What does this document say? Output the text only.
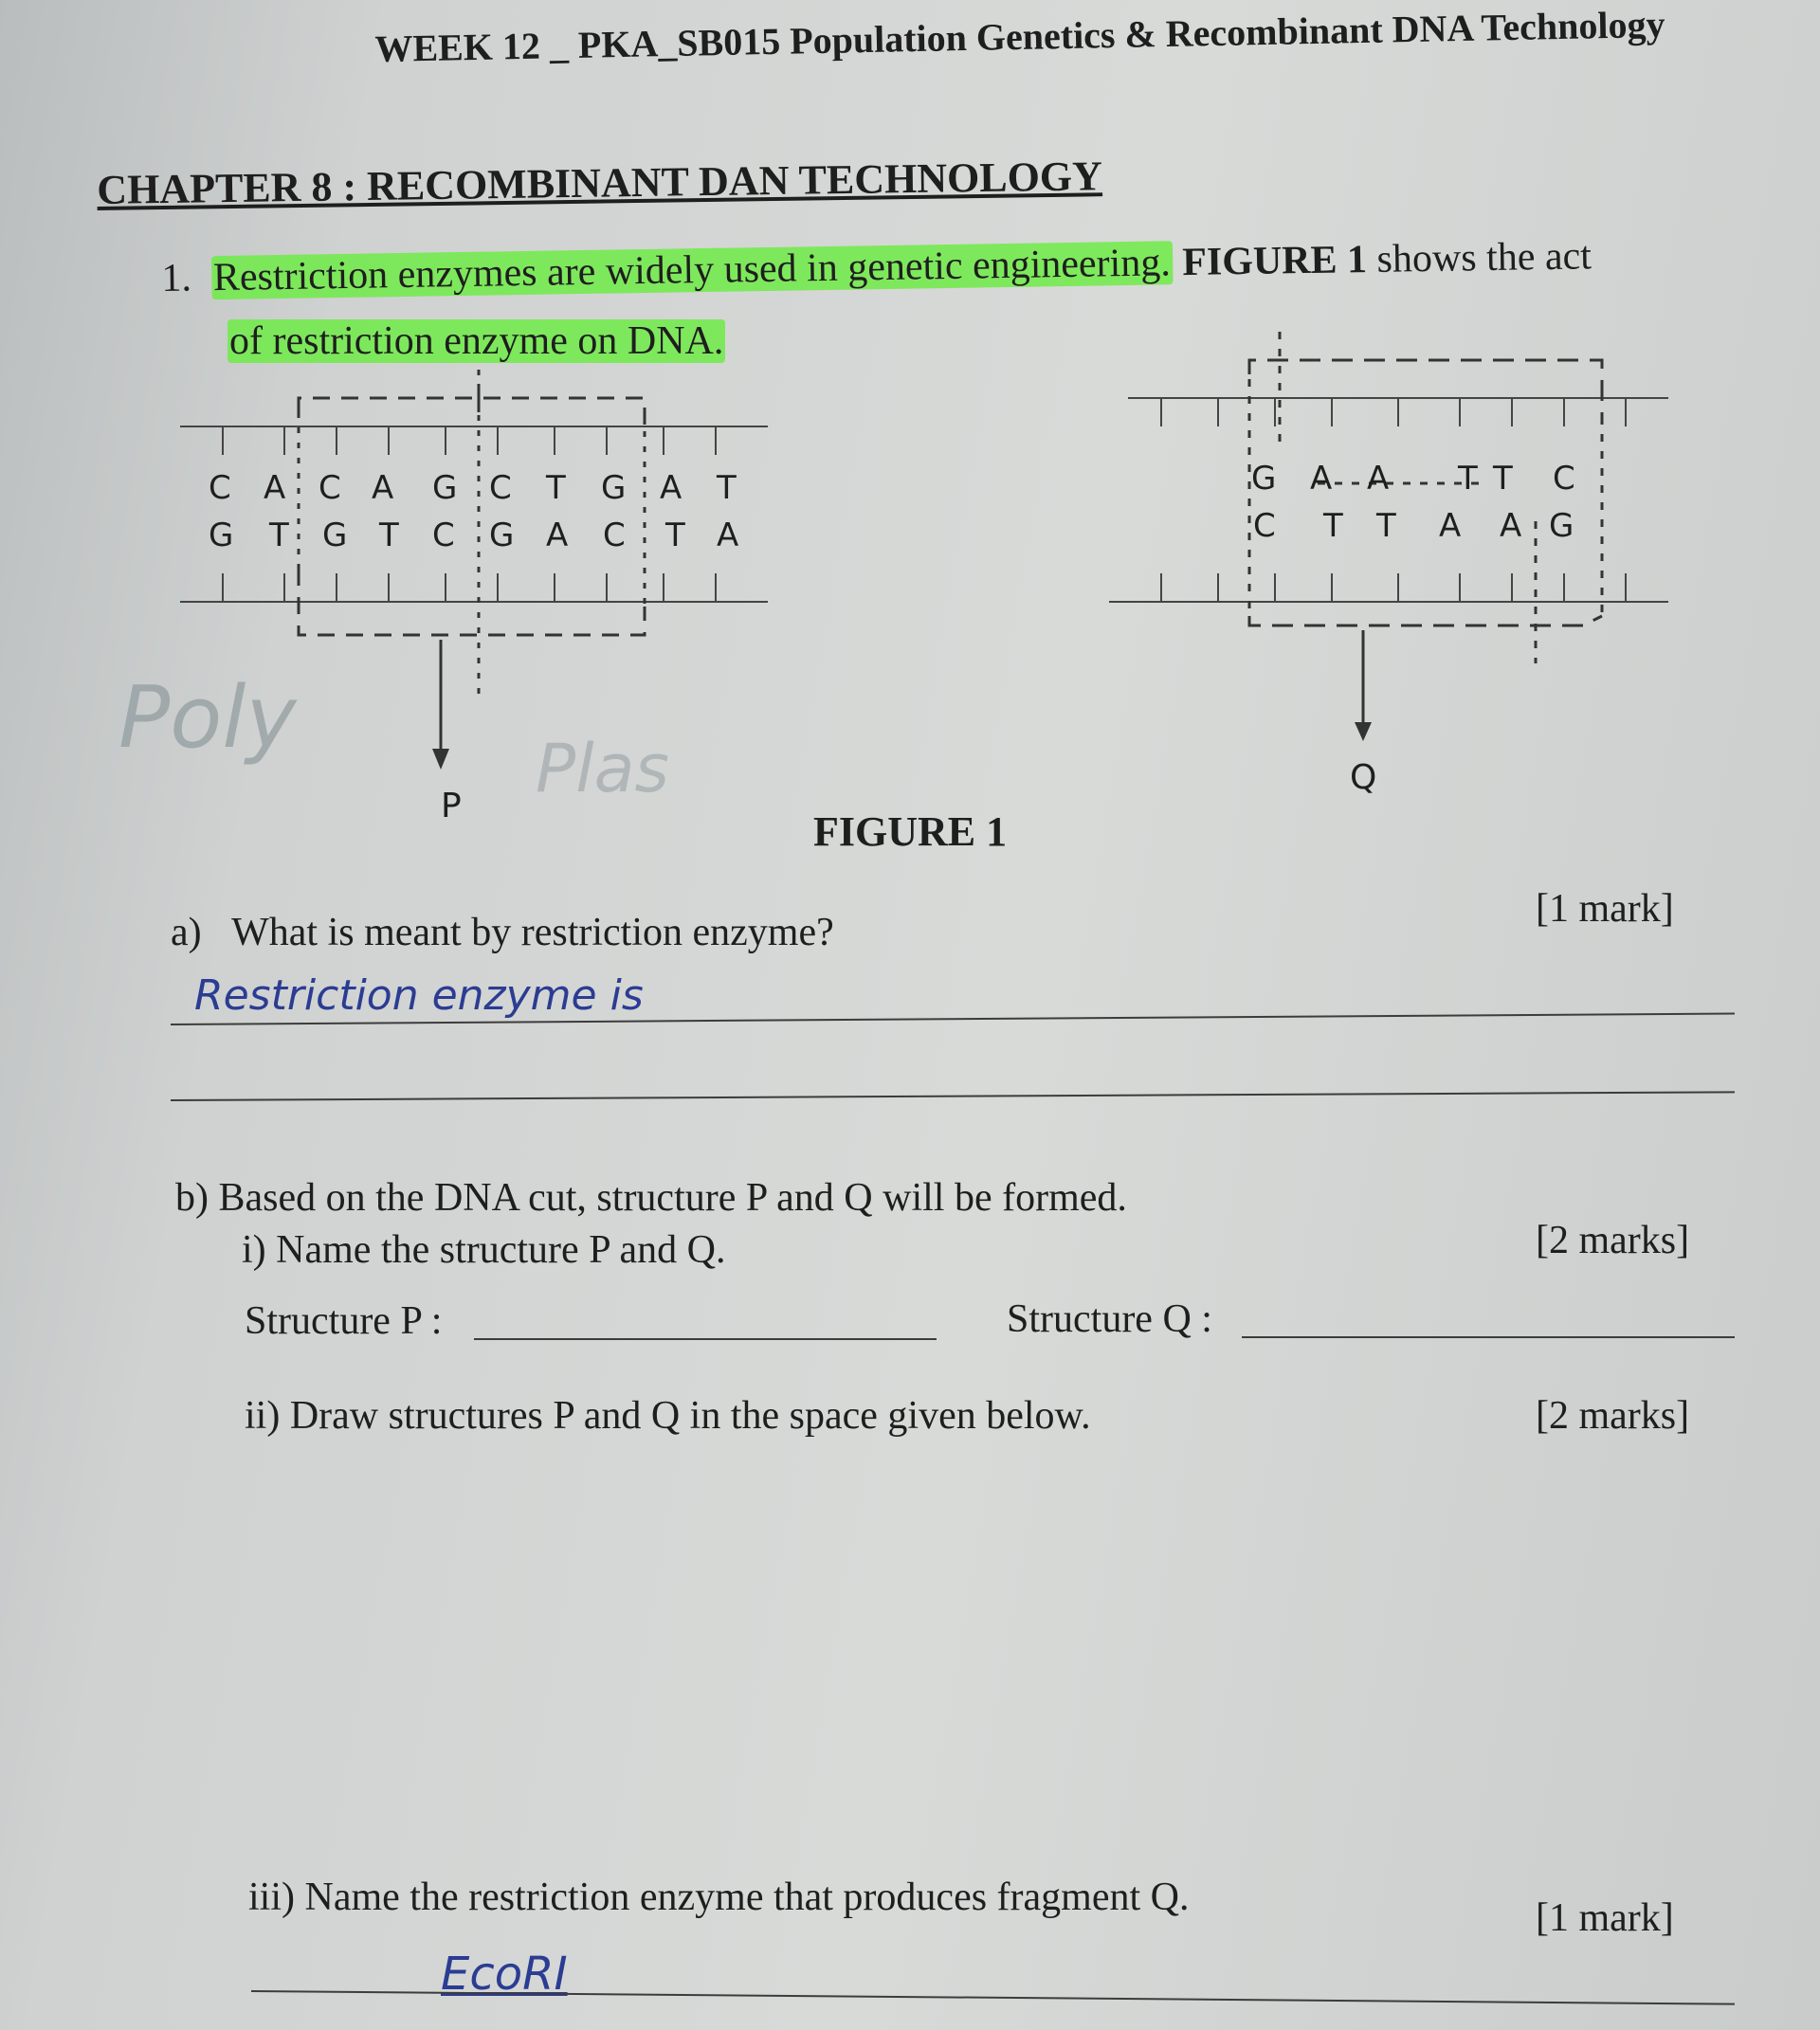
WEEK 12 _ PKA_SB015 Population Genetics & Recombinant DNA Technology
CHAPTER 8 : RECOMBINANT DAN TECHNOLOGY
1. Restriction enzymes are widely used in genetic engineering. FIGURE 1 shows the act
of restriction enzyme on DNA.
C A C A G C T G A T
G T G T C G A C T A
P
Poly
Plas
G A A T T C
C T T A A G
Q
FIGURE 1
a) What is meant by restriction enzyme?
[1 mark]
Restriction enzyme is
b) Based on the DNA cut, structure P and Q will be formed.
i) Name the structure P and Q.	[2 marks]
Structure P :	Structure Q :
ii) Draw structures P and Q in the space given below.	[2 marks]
iii) Name the restriction enzyme that produces fragment Q.	[1 mark]
EcoRI
